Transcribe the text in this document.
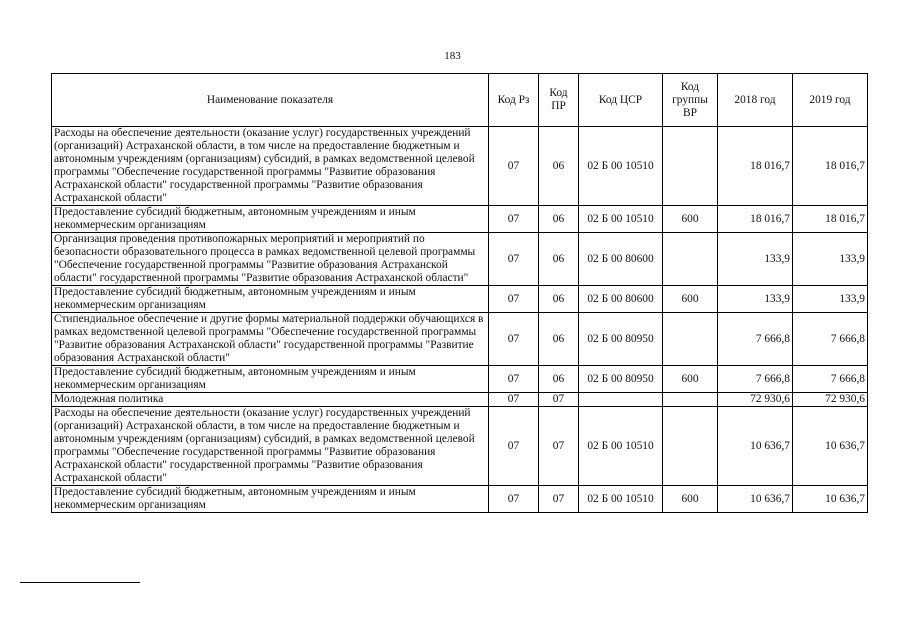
183
Наименование показателя	Код Рз	Код ПР	Код ЦСР	Код группы ВР	2018 год	2019 год
Расходы на обеспечение деятельности (оказание услуг) государственных учреждений (организаций) Астраханской области, в том числе на предоставление бюджетным и автономным учреждениям (организациям) субсидий, в рамках ведомственной целевой программы "Обеспечение государственной программы "Развитие образования Астраханской области" государственной программы "Развитие образования Астраханской области"	07	06	02 Б 00 10510		18 016,7	18 016,7
Предоставление субсидий бюджетным, автономным учреждениям и иным некоммерческим организациям	07	06	02 Б 00 10510	600	18 016,7	18 016,7
Организация проведения противопожарных мероприятий и мероприятий по безопасности образовательного процесса в рамках ведомственной целевой программы "Обеспечение государственной программы "Развитие образования Астраханской области" государственной программы "Развитие образования Астраханской области"	07	06	02 Б 00 80600		133,9	133,9
Предоставление субсидий бюджетным, автономным учреждениям и иным некоммерческим организациям	07	06	02 Б 00 80600	600	133,9	133,9
Стипендиальное обеспечение и другие формы материальной поддержки обучающихся в рамках ведомственной целевой программы "Обеспечение государственной программы "Развитие образования Астраханской области" государственной программы "Развитие образования Астраханской области"	07	06	02 Б 00 80950		7 666,8	7 666,8
Предоставление субсидий бюджетным, автономным учреждениям и иным некоммерческим организациям	07	06	02 Б 00 80950	600	7 666,8	7 666,8
Молодежная политика	07	07			72 930,6	72 930,6
Расходы на обеспечение деятельности (оказание услуг) государственных учреждений (организаций) Астраханской области, в том числе на предоставление бюджетным и автономным учреждениям (организациям) субсидий, в рамках ведомственной целевой программы "Обеспечение государственной программы "Развитие образования Астраханской области" государственной программы "Развитие образования Астраханской области"	07	07	02 Б 00 10510		10 636,7	10 636,7
Предоставление субсидий бюджетным, автономным учреждениям и иным некоммерческим организациям	07	07	02 Б 00 10510	600	10 636,7	10 636,7
